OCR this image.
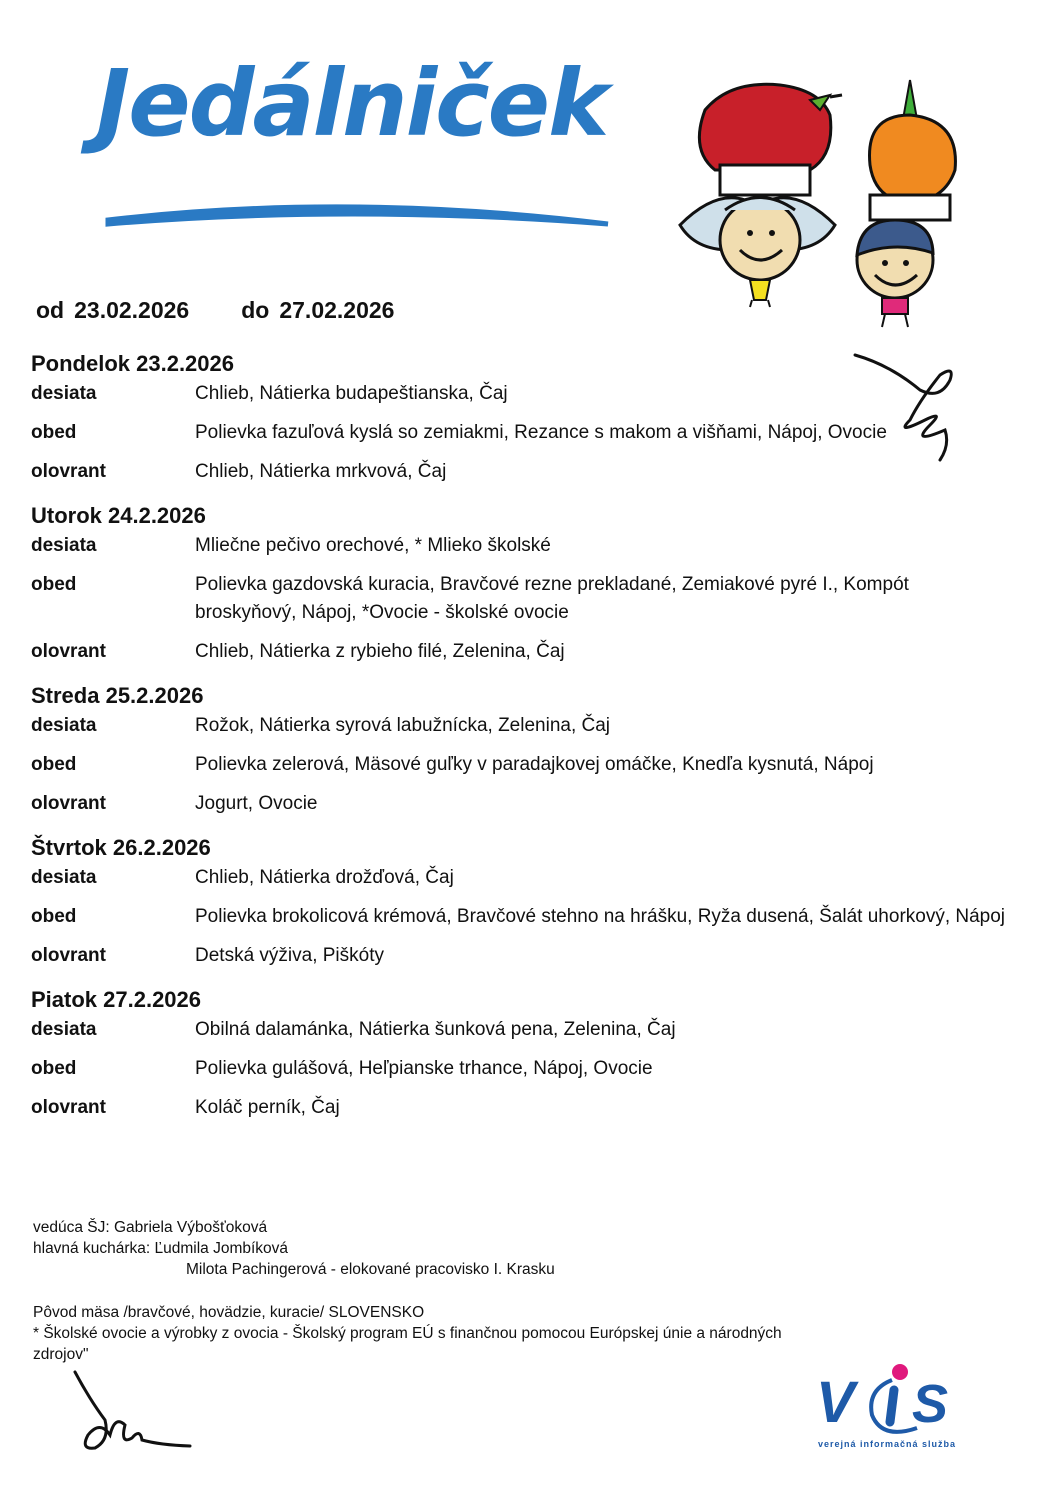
Jedálniček
od 23.02.2026 do 27.02.2026
Pondelok 23.2.2026
desiata	Chlieb, Nátierka budapeštianska, Čaj
obed	Polievka fazuľová kyslá so zemiakmi, Rezance s makom a višňami, Nápoj, Ovocie
olovrant	Chlieb, Nátierka mrkvová, Čaj
Utorok 24.2.2026
desiata	Mliečne pečivo orechové, * Mlieko školské
obed	Polievka gazdovská kuracia, Bravčové rezne prekladané, Zemiakové pyré I., Kompót broskyňový, Nápoj, *Ovocie - školské ovocie
olovrant	Chlieb, Nátierka z rybieho filé, Zelenina, Čaj
Streda 25.2.2026
desiata	Rožok, Nátierka syrová labužnícka, Zelenina, Čaj
obed	Polievka zelerová, Mäsové guľky v paradajkovej omáčke, Knedľa kysnutá, Nápoj
olovrant	Jogurt, Ovocie
Štvrtok 26.2.2026
desiata	Chlieb, Nátierka drožďová, Čaj
obed	Polievka brokolicová krémová, Bravčové stehno na hrášku, Ryža dusená, Šalát uhorkový, Nápoj
olovrant	Detská výživa, Piškóty
Piatok 27.2.2026
desiata	Obilná dalamánka, Nátierka šunková pena, Zelenina, Čaj
obed	Polievka gulášová, Heľpianske trhance, Nápoj, Ovocie
olovrant	Koláč perník, Čaj
vedúca ŠJ: Gabriela Výbošťoková
hlavná kuchárka: Ľudmila Jombíková
Milota Pachingerová - elokované pracovisko I. Krasku
Pôvod mäsa /bravčové, hovädzie, kuracie/ SLOVENSKO
* Školské ovocie a výrobky z ovocia - Školský program EÚ s finančnou pomocou Európskej únie a národných zdrojov"
V S
verejná informačná služba
